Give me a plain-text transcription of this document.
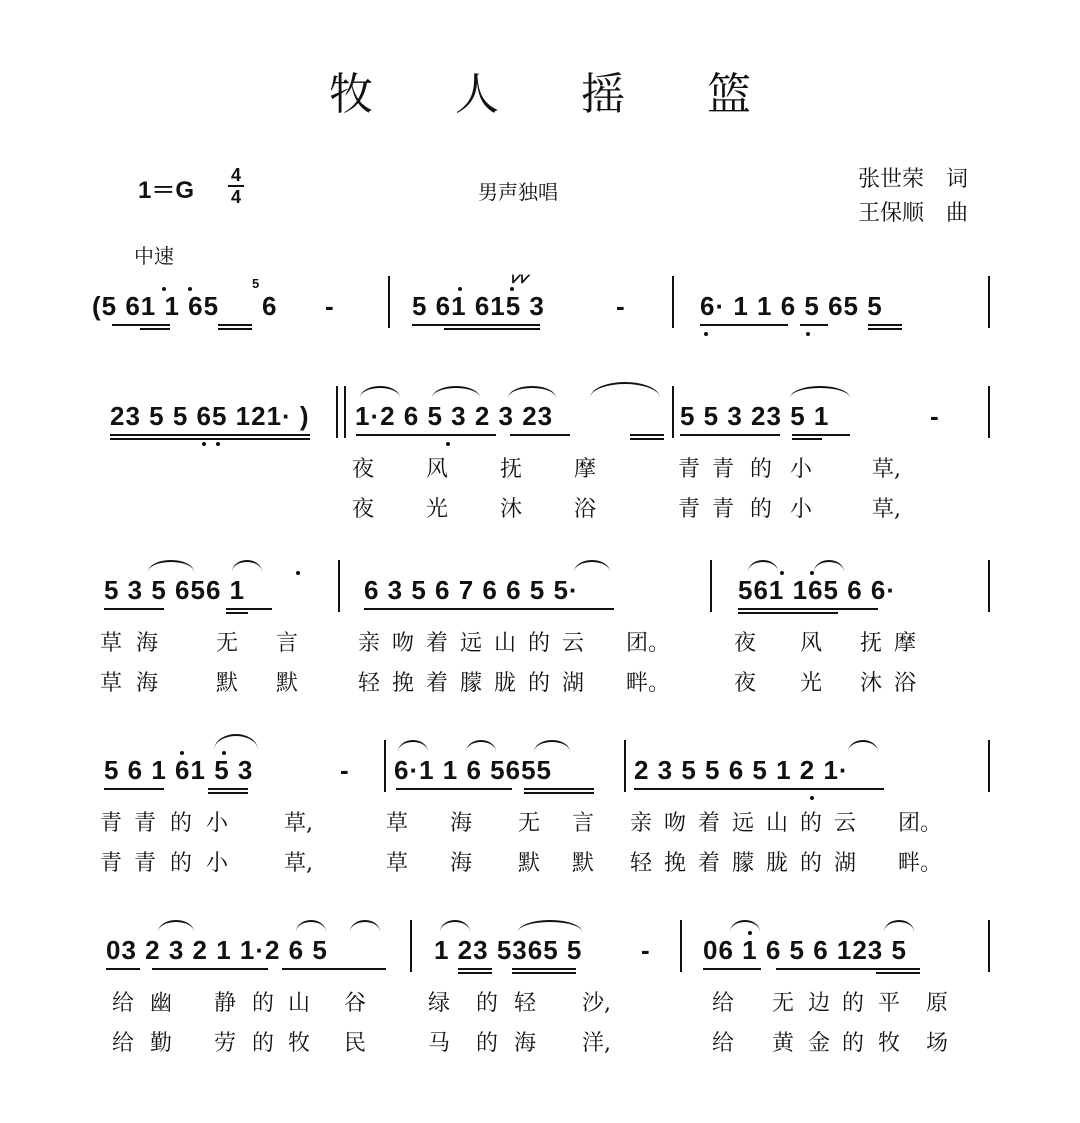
牧 人 摇 篮
1＝G
4
4	男声独唱	张世荣　词
王保顺　曲
中速
(5 61 1 65
5
6 -	5 61 615 3	-	6· 1 1 6 5 65 5
⩗⩗
23 5 5 65 121· ) 1·2 6 5 3 2 3 23	5 5 3 23 5 1	-
夜 风 抚 摩	青 青 的 小	草,
夜 光 沐 浴	青 青 的 小	草,
5 3 5 656 1	6 3 5 6 7 6 6 5 5·	561 165 6 6·
草 海	无 言	亲 吻 着 远 山 的 云 团。	夜 风 抚 摩
草 海	默 默	轻 挽 着 朦 胧 的 湖 畔。	夜 光 沐 浴
5 6 1 61 5 3	- 6·1 1 6 5655	2 3 5 5 6 5 1 2 1·
青 青 的 小	草,	草 海 无 言 亲 吻 着 远 山 的 云 团。
青 青 的 小	草,	草 海 默 默 轻 挽 着 朦 胧 的 湖 畔。
03 2 3 2 1 1·2 6 5	1 23 5365 5 - 06 1 6 5 6 123 5
给 幽 静 的 山 谷	绿 的 轻 沙,	给 无 边 的 平 原
给 勤 劳 的 牧 民	马 的 海 洋,	给 黄 金 的 牧 场
